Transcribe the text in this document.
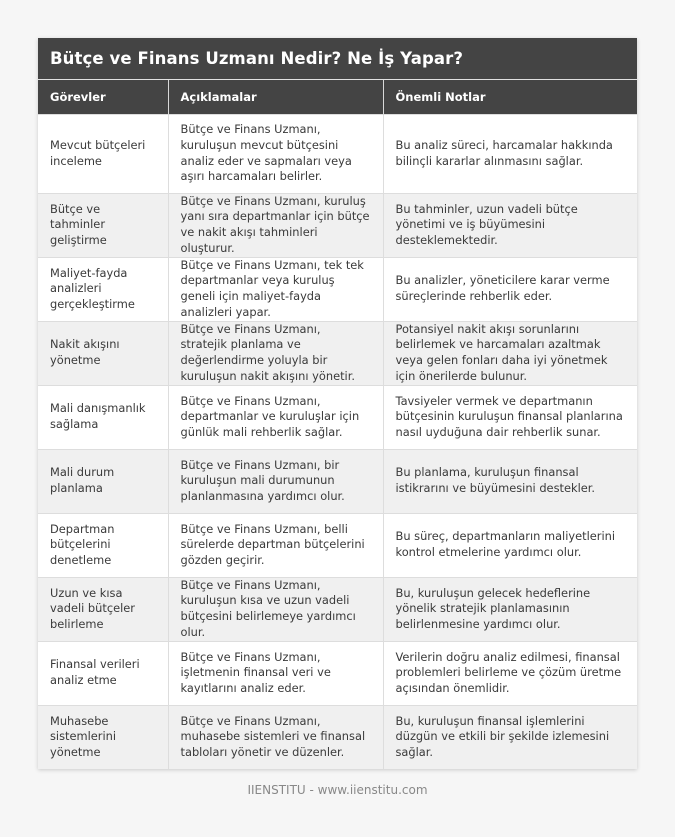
Bütçe ve Finans Uzmanı Nedir? Ne İş Yapar?
Görevler	Açıklamalar	Önemli Notlar
Mevcut bütçeleri inceleme	Bütçe ve Finans Uzmanı, kuruluşun mevcut bütçesini analiz eder ve sapmaları veya aşırı harcamaları belirler.	Bu analiz süreci, harcamalar hakkında bilinçli kararlar alınmasını sağlar.
Bütçe ve tahminler geliştirme	Bütçe ve Finans Uzmanı, kuruluş yanı sıra departmanlar için bütçe ve nakit akışı tahminleri oluşturur.	Bu tahminler, uzun vadeli bütçe yönetimi ve iş büyümesini desteklemektedir.
Maliyet-fayda analizleri gerçekleştirme	Bütçe ve Finans Uzmanı, tek tek departmanlar veya kuruluş geneli için maliyet-fayda analizleri yapar.	Bu analizler, yöneticilere karar verme süreçlerinde rehberlik eder.
Nakit akışını yönetme	Bütçe ve Finans Uzmanı, stratejik planlama ve değerlendirme yoluyla bir kuruluşun nakit akışını yönetir.	Potansiyel nakit akışı sorunlarını belirlemek ve harcamaları azaltmak veya gelen fonları daha iyi yönetmek için önerilerde bulunur.
Mali danışmanlık sağlama	Bütçe ve Finans Uzmanı, departmanlar ve kuruluşlar için günlük mali rehberlik sağlar.	Tavsiyeler vermek ve departmanın bütçesinin kuruluşun finansal planlarına nasıl uyduğuna dair rehberlik sunar.
Mali durum planlama	Bütçe ve Finans Uzmanı, bir kuruluşun mali durumunun planlanmasına yardımcı olur.	Bu planlama, kuruluşun finansal istikrarını ve büyümesini destekler.
Departman bütçelerini denetleme	Bütçe ve Finans Uzmanı, belli sürelerde departman bütçelerini gözden geçirir.	Bu süreç, departmanların maliyetlerini kontrol etmelerine yardımcı olur.
Uzun ve kısa vadeli bütçeler belirleme	Bütçe ve Finans Uzmanı, kuruluşun kısa ve uzun vadeli bütçesini belirlemeye yardımcı olur.	Bu, kuruluşun gelecek hedeflerine yönelik stratejik planlamasının belirlenmesine yardımcı olur.
Finansal verileri analiz etme	Bütçe ve Finans Uzmanı, işletmenin finansal veri ve kayıtlarını analiz eder.	Verilerin doğru analiz edilmesi, finansal problemleri belirleme ve çözüm üretme açısından önemlidir.
Muhasebe sistemlerini yönetme	Bütçe ve Finans Uzmanı, muhasebe sistemleri ve finansal tabloları yönetir ve düzenler.	Bu, kuruluşun finansal işlemlerini düzgün ve etkili bir şekilde izlemesini sağlar.
IIENSTITU - www.iienstitu.com
